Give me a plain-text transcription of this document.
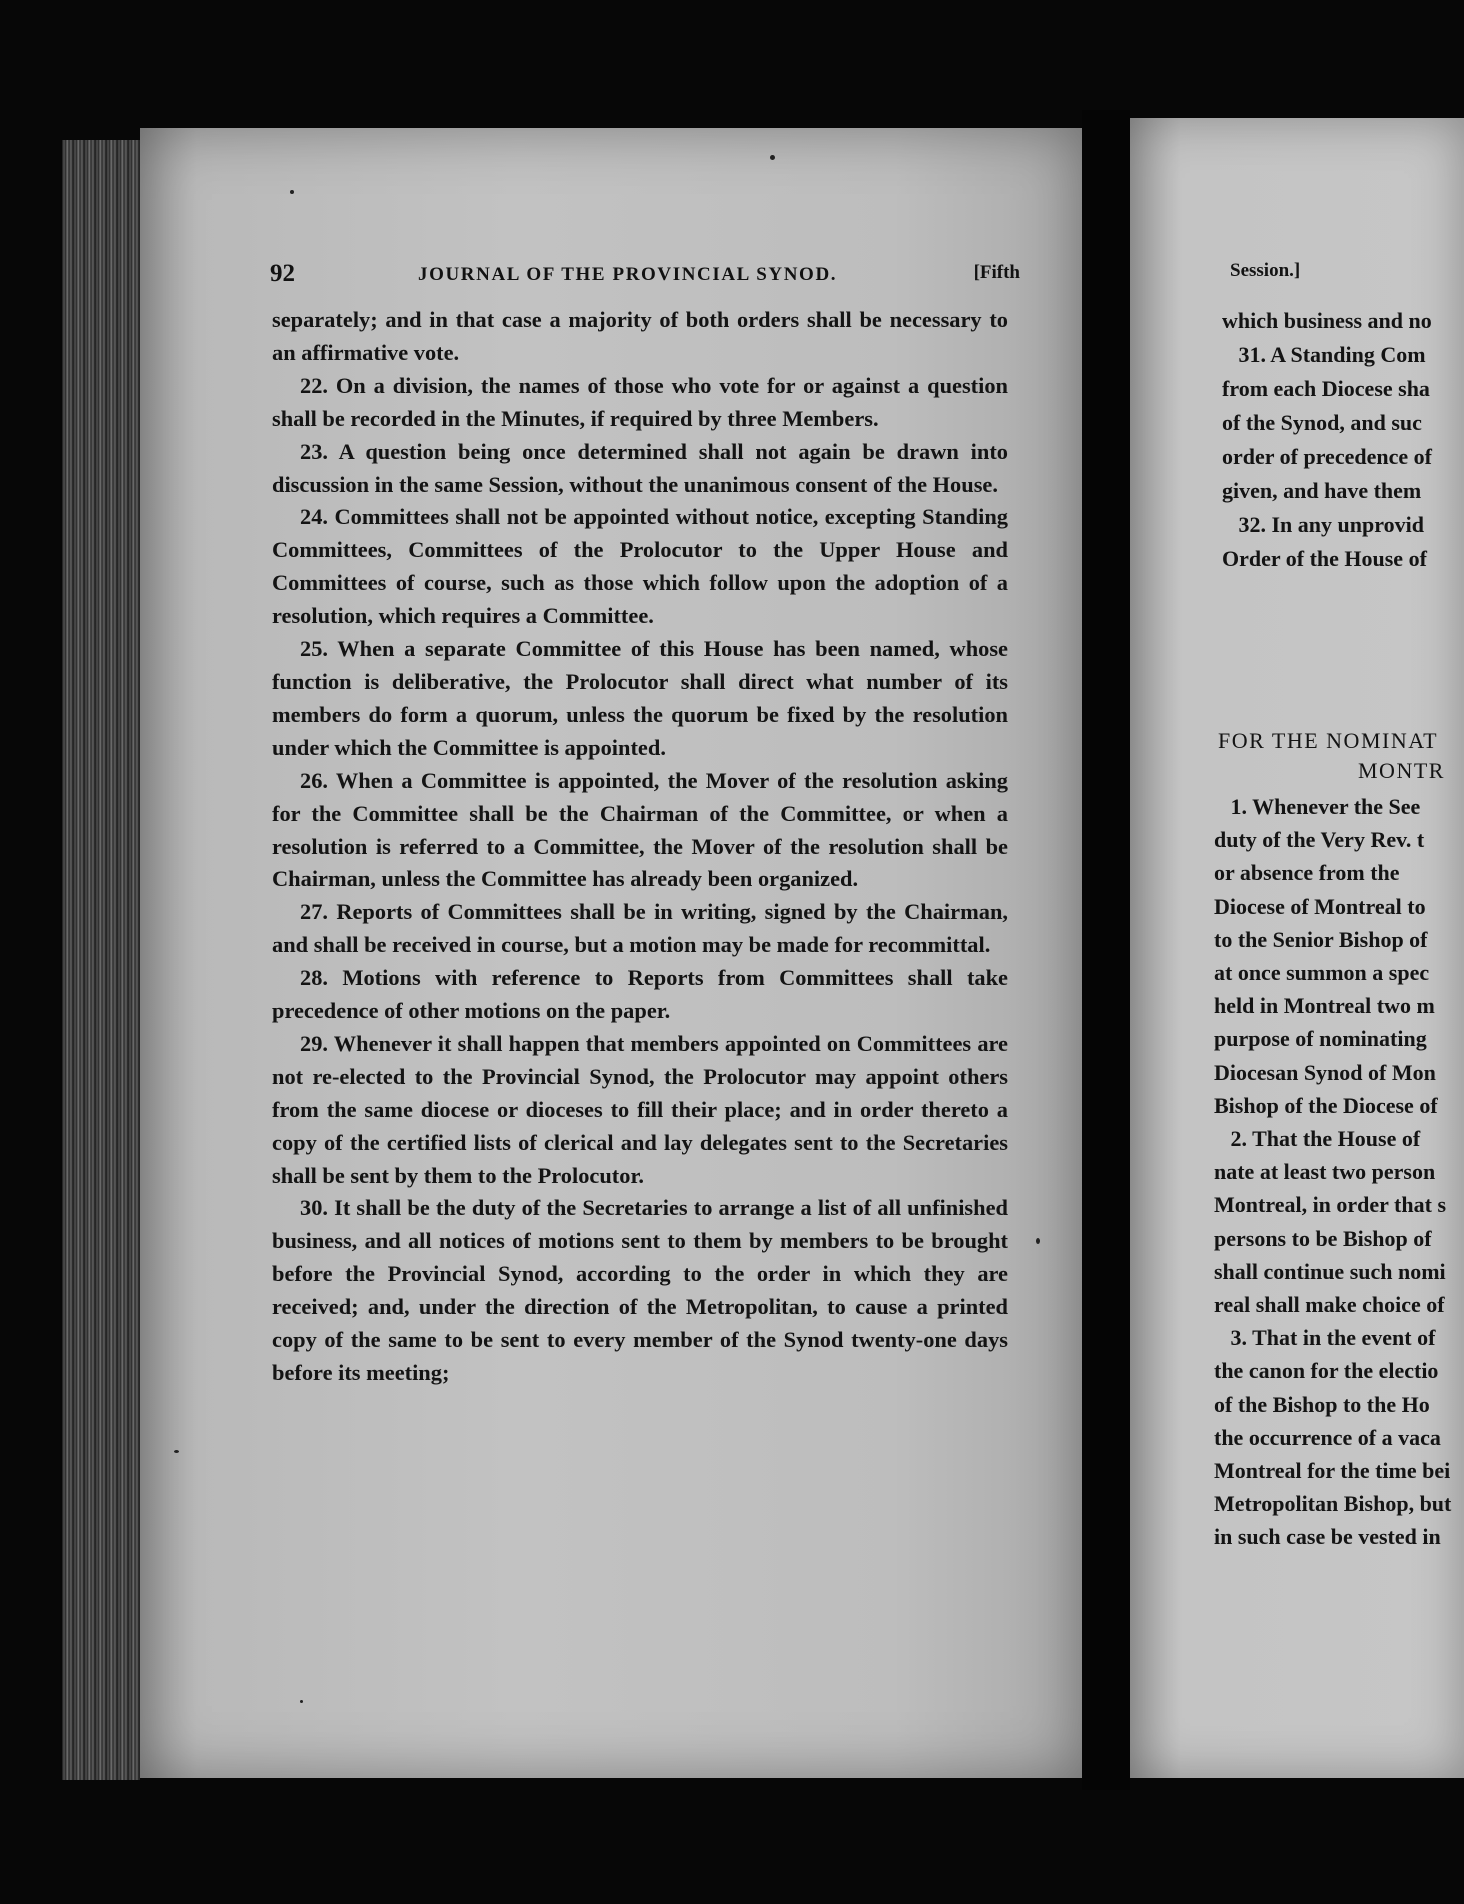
92	JOURNAL OF THE PROVINCIAL SYNOD.	[Fifth

separately; and in that case a majority of both orders shall be necessary to an affirmative vote.

22. On a division, the names of those who vote for or against a question shall be recorded in the Minutes, if required by three Members.

23. A question being once determined shall not again be drawn into discussion in the same Session, without the unanimous consent of the House.

24. Committees shall not be appointed without notice, excepting Standing Committees, Committees of the Prolocutor to the Upper House and Committees of course, such as those which follow upon the adoption of a resolution, which requires a Committee.

25. When a separate Committee of this House has been named, whose function is deliberative, the Prolocutor shall direct what number of its members do form a quorum, unless the quorum be fixed by the resolution under which the Committee is appointed.

26. When a Committee is appointed, the Mover of the resolution asking for the Committee shall be the Chairman of the Committee, or when a resolution is referred to a Committee, the Mover of the resolution shall be Chairman, unless the Committee has already been organized.

27. Reports of Committees shall be in writing, signed by the Chairman, and shall be received in course, but a motion may be made for recommittal.

28. Motions with reference to Reports from Committees shall take precedence of other motions on the paper.

29. Whenever it shall happen that members appointed on Committees are not re-elected to the Provincial Synod, the Prolocutor may appoint others from the same diocese or dioceses to fill their place; and in order thereto a copy of the certified lists of clerical and lay delegates sent to the Secretaries shall be sent by them to the Prolocutor.

30. It shall be the duty of the Secretaries to arrange a list of all unfinished business, and all notices of motions sent to them by members to be brought before the Provincial Synod, according to the order in which they are received; and, under the direction of the Metropolitan, to cause a printed copy of the same to be sent to every member of the Synod twenty-one days before its meeting;

Session.]
which business and no
31. A Standing Com
from each Diocese sha
of the Synod, and suc
order of precedence of
given, and have them
32. In any unprovid
Order of the House of
FOR THE NOMINAT
MONTR
1. Whenever the See
duty of the Very Rev. t
or absence from the
Diocese of Montreal to
to the Senior Bishop of
at once summon a spec
held in Montreal two m
purpose of nominating
Diocesan Synod of Mon
Bishop of the Diocese of
2. That the House of
nate at least two person
Montreal, in order that s
persons to be Bishop of
shall continue such nomi
real shall make choice of
3. That in the event of
the canon for the electio
of the Bishop to the Ho
the occurrence of a vaca
Montreal for the time bei
Metropolitan Bishop, but
in such case be vested in
